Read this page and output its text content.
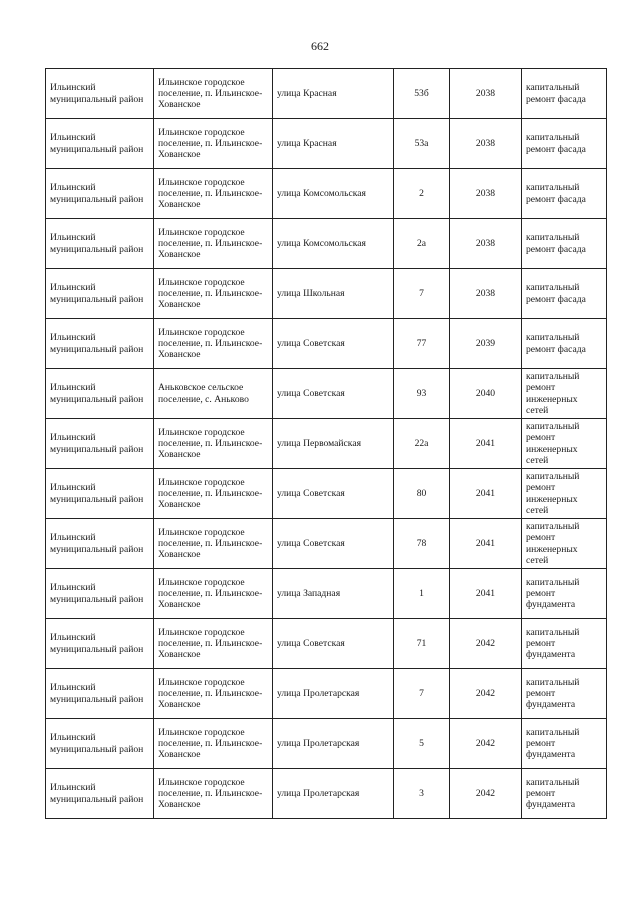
662
Ильинский муниципальный район	Ильинское городское поселение, п. Ильинское-Хованское	улица Красная	53б	2038	капитальный ремонт фасада
Ильинский муниципальный район	Ильинское городское поселение, п. Ильинское-Хованское	улица Красная	53а	2038	капитальный ремонт фасада
Ильинский муниципальный район	Ильинское городское поселение, п. Ильинское-Хованское	улица Комсомольская	2	2038	капитальный ремонт фасада
Ильинский муниципальный район	Ильинское городское поселение, п. Ильинское-Хованское	улица Комсомольская	2а	2038	капитальный ремонт фасада
Ильинский муниципальный район	Ильинское городское поселение, п. Ильинское-Хованское	улица Школьная	7	2038	капитальный ремонт фасада
Ильинский муниципальный район	Ильинское городское поселение, п. Ильинское-Хованское	улица Советская	77	2039	капитальный ремонт фасада
Ильинский муниципальный район	Аньковское сельское поселение, с. Аньково	улица Советская	93	2040	капитальный ремонт инженерных сетей
Ильинский муниципальный район	Ильинское городское поселение, п. Ильинское-Хованское	улица Первомайская	22а	2041	капитальный ремонт инженерных сетей
Ильинский муниципальный район	Ильинское городское поселение, п. Ильинское-Хованское	улица Советская	80	2041	капитальный ремонт инженерных сетей
Ильинский муниципальный район	Ильинское городское поселение, п. Ильинское-Хованское	улица Советская	78	2041	капитальный ремонт инженерных сетей
Ильинский муниципальный район	Ильинское городское поселение, п. Ильинское-Хованское	улица Западная	1	2041	капитальный ремонт фундамента
Ильинский муниципальный район	Ильинское городское поселение, п. Ильинское-Хованское	улица Советская	71	2042	капитальный ремонт фундамента
Ильинский муниципальный район	Ильинское городское поселение, п. Ильинское-Хованское	улица Пролетарская	7	2042	капитальный ремонт фундамента
Ильинский муниципальный район	Ильинское городское поселение, п. Ильинское-Хованское	улица Пролетарская	5	2042	капитальный ремонт фундамента
Ильинский муниципальный район	Ильинское городское поселение, п. Ильинское-Хованское	улица Пролетарская	3	2042	капитальный ремонт фундамента
